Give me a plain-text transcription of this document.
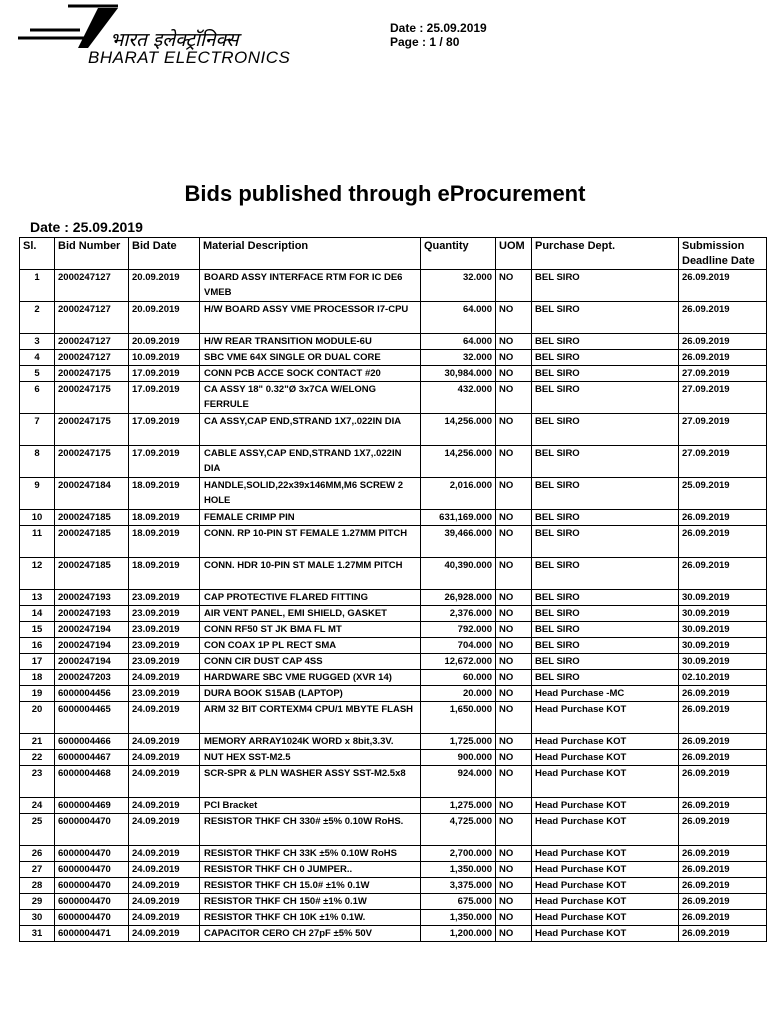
भारत इलेक्ट्रॉनिक्स
BHARAT ELECTRONICS
Date : 25.09.2019
Page : 1 / 80
Bids published through eProcurement
Date : 25.09.2019
Sl.	Bid Number	Bid Date	Material Description	Quantity	UOM	Purchase Dept.	Submission Deadline Date
1	2000247127	20.09.2019	BOARD ASSY INTERFACE RTM FOR IC DE6 VMEB	32.000	NO	BEL SIRO	26.09.2019
2	2000247127	20.09.2019	H/W BOARD ASSY VME PROCESSOR I7-CPU	64.000	NO	BEL SIRO	26.09.2019
3	2000247127	20.09.2019	H/W REAR TRANSITION MODULE-6U	64.000	NO	BEL SIRO	26.09.2019
4	2000247127	10.09.2019	SBC VME 64X SINGLE OR DUAL CORE	32.000	NO	BEL SIRO	26.09.2019
5	2000247175	17.09.2019	CONN PCB ACCE SOCK CONTACT #20	30,984.000	NO	BEL SIRO	27.09.2019
6	2000247175	17.09.2019	CA ASSY 18" 0.32"Ø 3x7CA W/ELONG FERRULE	432.000	NO	BEL SIRO	27.09.2019
7	2000247175	17.09.2019	CA ASSY,CAP END,STRAND 1X7,.022IN DIA	14,256.000	NO	BEL SIRO	27.09.2019
8	2000247175	17.09.2019	CABLE ASSY,CAP END,STRAND 1X7,.022IN DIA	14,256.000	NO	BEL SIRO	27.09.2019
9	2000247184	18.09.2019	HANDLE,SOLID,22x39x146MM,M6 SCREW 2 HOLE	2,016.000	NO	BEL SIRO	25.09.2019
10	2000247185	18.09.2019	FEMALE CRIMP PIN	631,169.000	NO	BEL SIRO	26.09.2019
11	2000247185	18.09.2019	CONN. RP 10-PIN ST FEMALE 1.27MM PITCH	39,466.000	NO	BEL SIRO	26.09.2019
12	2000247185	18.09.2019	CONN. HDR 10-PIN ST MALE 1.27MM PITCH	40,390.000	NO	BEL SIRO	26.09.2019
13	2000247193	23.09.2019	CAP PROTECTIVE FLARED FITTING	26,928.000	NO	BEL SIRO	30.09.2019
14	2000247193	23.09.2019	AIR VENT PANEL, EMI SHIELD, GASKET	2,376.000	NO	BEL SIRO	30.09.2019
15	2000247194	23.09.2019	CONN RF50 ST JK BMA FL MT	792.000	NO	BEL SIRO	30.09.2019
16	2000247194	23.09.2019	CON COAX 1P PL RECT SMA	704.000	NO	BEL SIRO	30.09.2019
17	2000247194	23.09.2019	CONN CIR DUST CAP 4SS	12,672.000	NO	BEL SIRO	30.09.2019
18	2000247203	24.09.2019	HARDWARE SBC VME RUGGED (XVR 14)	60.000	NO	BEL SIRO	02.10.2019
19	6000004456	23.09.2019	DURA BOOK S15AB (LAPTOP)	20.000	NO	Head Purchase -MC	26.09.2019
20	6000004465	24.09.2019	ARM 32 BIT CORTEXM4 CPU/1 MBYTE FLASH	1,650.000	NO	Head Purchase KOT	26.09.2019
21	6000004466	24.09.2019	MEMORY ARRAY1024K WORD x 8bit,3.3V.	1,725.000	NO	Head Purchase KOT	26.09.2019
22	6000004467	24.09.2019	NUT HEX SST-M2.5	900.000	NO	Head Purchase KOT	26.09.2019
23	6000004468	24.09.2019	SCR-SPR & PLN WASHER ASSY SST-M2.5x8	924.000	NO	Head Purchase KOT	26.09.2019
24	6000004469	24.09.2019	PCI Bracket	1,275.000	NO	Head Purchase KOT	26.09.2019
25	6000004470	24.09.2019	RESISTOR THKF CH 330# ±5% 0.10W RoHS.	4,725.000	NO	Head Purchase KOT	26.09.2019
26	6000004470	24.09.2019	RESISTOR THKF CH 33K ±5% 0.10W RoHS	2,700.000	NO	Head Purchase KOT	26.09.2019
27	6000004470	24.09.2019	RESISTOR THKF CH 0 JUMPER..	1,350.000	NO	Head Purchase KOT	26.09.2019
28	6000004470	24.09.2019	RESISTOR THKF CH 15.0# ±1% 0.1W	3,375.000	NO	Head Purchase KOT	26.09.2019
29	6000004470	24.09.2019	RESISTOR THKF CH 150# ±1% 0.1W	675.000	NO	Head Purchase KOT	26.09.2019
30	6000004470	24.09.2019	RESISTOR THKF CH 10K ±1% 0.1W.	1,350.000	NO	Head Purchase KOT	26.09.2019
31	6000004471	24.09.2019	CAPACITOR CERO CH 27pF ±5% 50V	1,200.000	NO	Head Purchase KOT	26.09.2019
